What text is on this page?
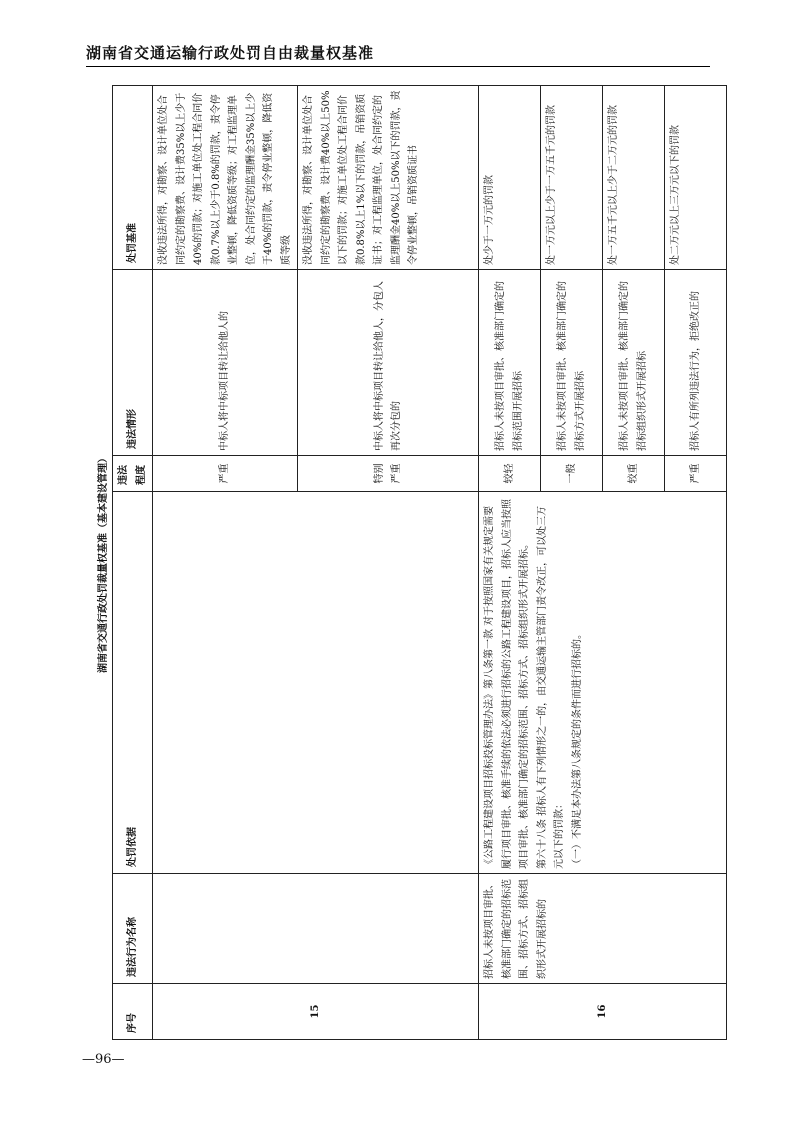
湖南省交通运输行政处罚自由裁量权基准
—96—
湖南省交通行政处罚裁量权基准（基本建设管理）
序号	违法行为名称	处罚依据	违法程度	违法情形	处罚基准
15			严重	中标人将中标项目转让给他人的	没收违法所得，对勘察、设计单位处合同约定的勘察费、设计费35%以上少于40%的罚款；对施工单位处工程合同价款0.7%以上少于0.8%的罚款，责令停业整顿，降低资质等级；对工程监理单位，处合同约定的监理酬金35%以上少于40%的罚款，责令停业整顿，降低资质等级
			特别严重	中标人将中标项目转让给他人，分包人再次分包的	没收违法所得，对勘察、设计单位处合同约定的勘察费、设计费40%以上50%以下的罚款；对施工单位处工程合同价款0.8%以上1%以下的罚款，吊销资质证书；对工程监理单位，处合同约定的监理酬金40%以上50%以下的罚款，责令停业整顿，吊销资质证书
16	招标人未按项目审批、核准部门确定的招标范围、招标方式、招标组织形式开展招标的	《公路工程建设项目招标投标管理办法》第八条第一款 对于按照国家有关规定需要履行项目审批、核准手续的依法必须进行招标的公路工程建设项目，招标人应当按照项目审批、核准部门确定的招标范围、招标方式、招标组织形式开展招标。 第六十八条 招标人有下列情形之一的，由交通运输主管部门责令改正，可以处三万元以下的罚款： （一）不满足本办法第八条规定的条件而进行招标的。	较轻	招标人未按项目审批、核准部门确定的招标范围开展招标	处少于一万元的罚款
			一般	招标人未按项目审批、核准部门确定的招标方式开展招标	处一万元以上少于一万五千元的罚款
			较重	招标人未按项目审批、核准部门确定的招标组织形式开展招标	处一万五千元以上少于二万元的罚款
			严重	招标人有所列违法行为，拒绝改正的	处二万元以上三万元以下的罚款
